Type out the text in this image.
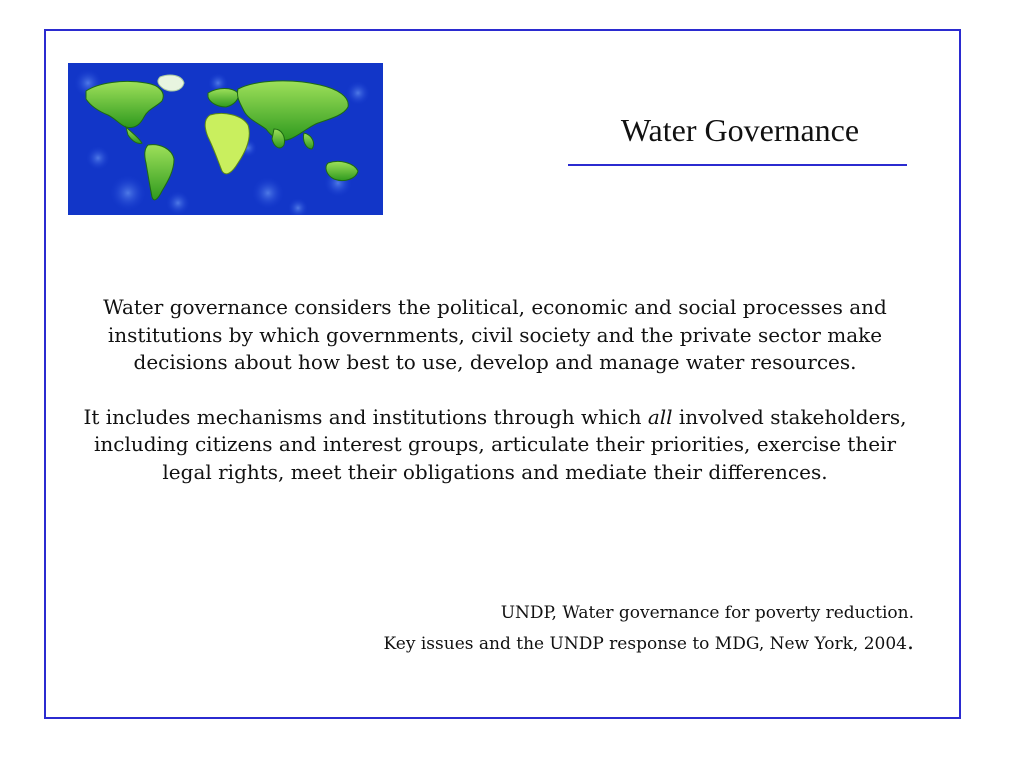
Water Governance

Water governance considers the political, economic and social processes and institutions by which governments, civil society and the private sector make decisions about how best to use, develop and manage water resources.

It includes mechanisms and institutions through which all involved stakeholders, including citizens and interest groups, articulate their priorities, exercise their legal rights, meet their obligations and mediate their differences.

UNDP, Water governance for poverty reduction.
Key issues and the UNDP response to MDG, New York, 2004.
